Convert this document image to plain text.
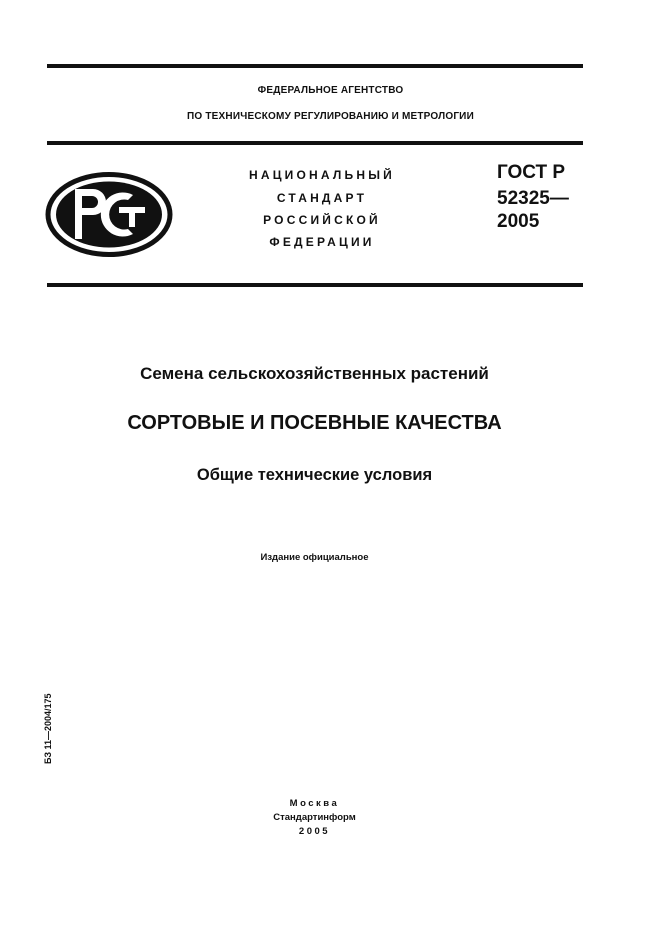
ФЕДЕРАЛЬНОЕ АГЕНТСТВО
ПО ТЕХНИЧЕСКОМУ РЕГУЛИРОВАНИЮ И МЕТРОЛОГИИ
НАЦИОНАЛЬНЫЙ
СТАНДАРТ
РОССИЙСКОЙ
ФЕДЕРАЦИИ
ГОСТ Р
52325—
2005
Семена сельскохозяйственных растений
СОРТОВЫЕ И ПОСЕВНЫЕ КАЧЕСТВА
Общие технические условия
Издание официальное
БЗ 11—2004/175
Москва
Стандартинформ
2005
